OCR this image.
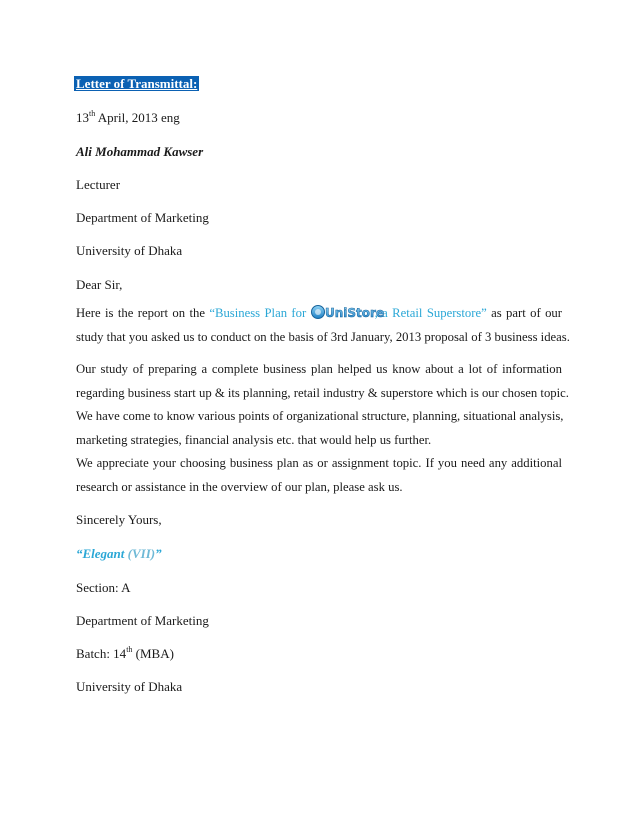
Letter of Transmittal:
13th April, 2013 eng
Ali Mohammad Kawser
Lecturer
Department of Marketing
University of Dhaka
Dear Sir,
Here is the report on the “Business Plan for UniStore
, a Retail Superstore” as part of our
study that you asked us to conduct on the basis of 3rd January, 2013 proposal of 3 business ideas.
Our study of preparing a complete business plan helped us know about a lot of information
regarding business start up & its planning, retail industry & superstore which is our chosen topic.
We have come to know various points of organizational structure, planning, situational analysis,
marketing strategies, financial analysis etc. that would help us further.
We appreciate your choosing business plan as or assignment topic. If you need any additional
research or assistance in the overview of our plan, please ask us.
Sincerely Yours,
“Elegant (VII)”
Section: A
Department of Marketing
Batch: 14th (MBA)
University of Dhaka
